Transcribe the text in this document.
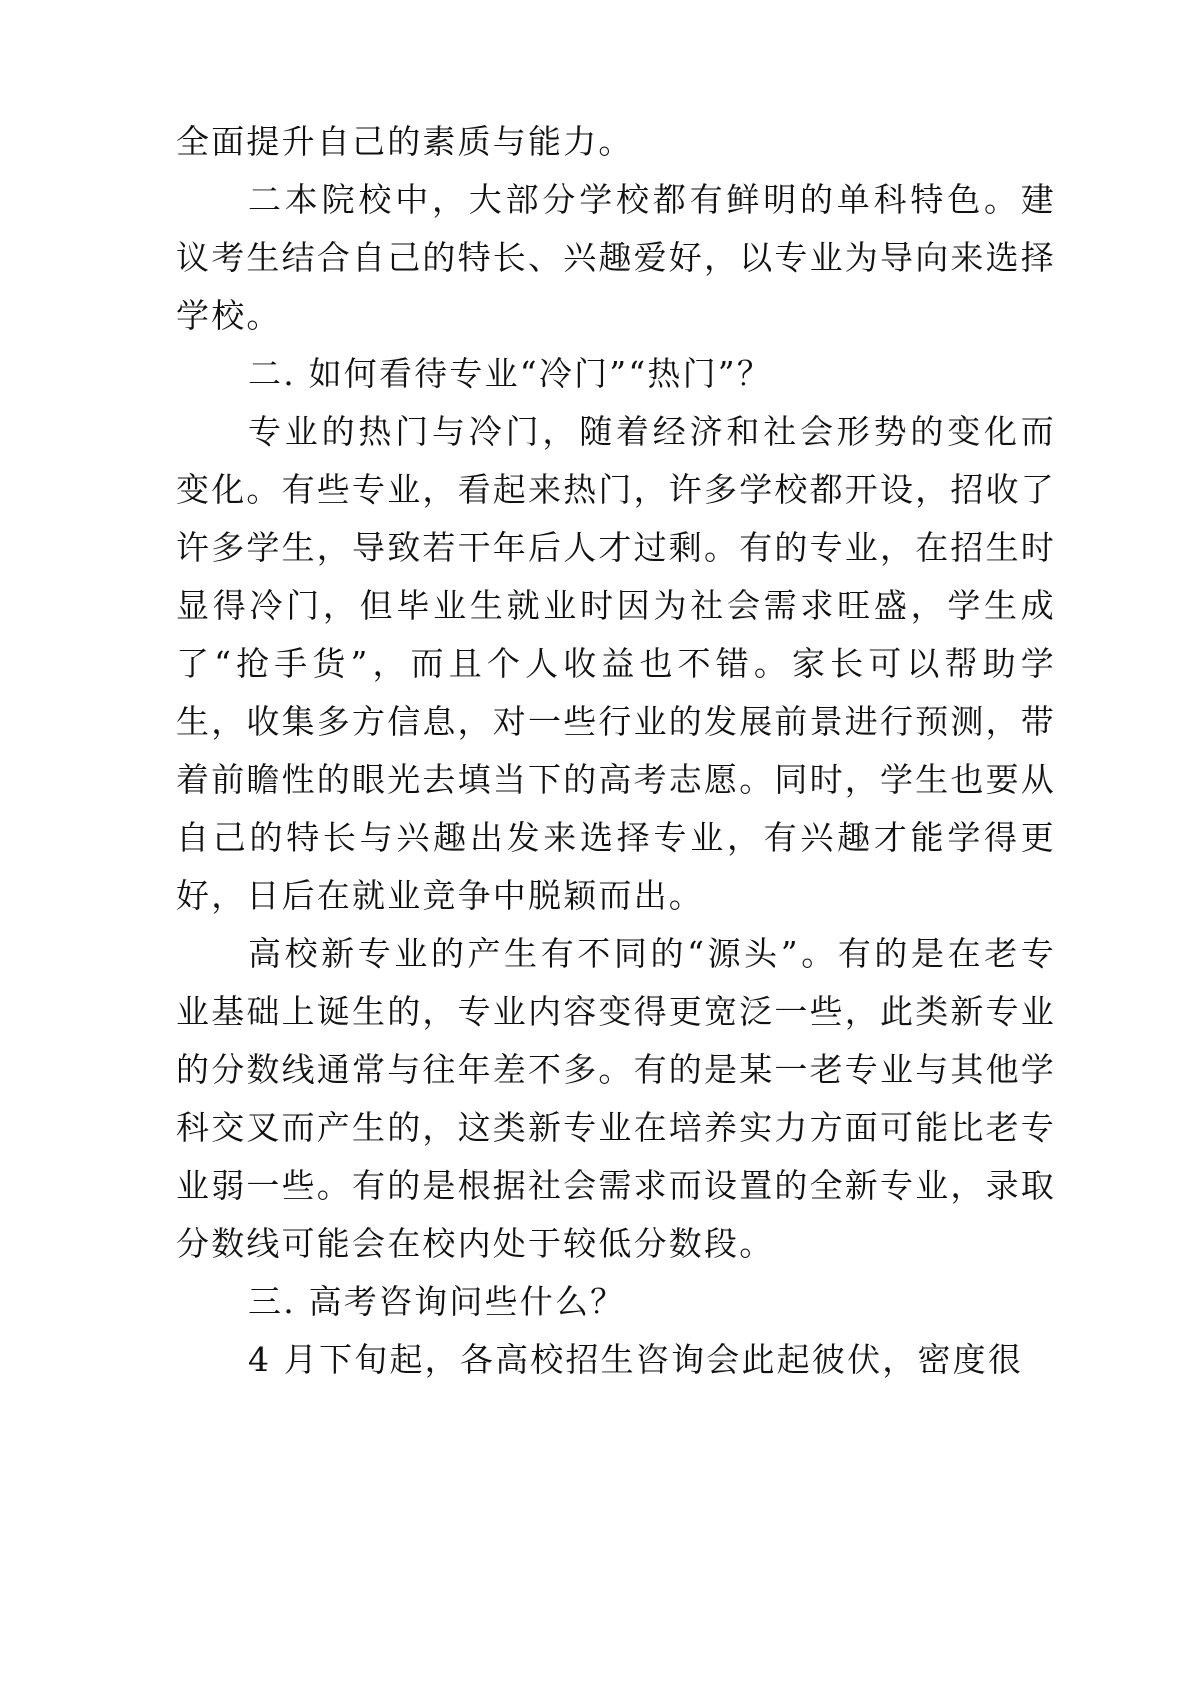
全面提升自己的素质与能力。

二本院校中，大部分学校都有鲜明的单科特色。建议考生结合自己的特长、兴趣爱好，以专业为导向来选择学校。

二. 如何看待专业“冷门”“热门”？

专业的热门与冷门，随着经济和社会形势的变化而变化。有些专业，看起来热门，许多学校都开设，招收了许多学生，导致若干年后人才过剩。有的专业，在招生时显得冷门，但毕业生就业时因为社会需求旺盛，学生成了“抢手货”，而且个人收益也不错。家长可以帮助学生，收集多方信息，对一些行业的发展前景进行预测，带着前瞻性的眼光去填当下的高考志愿。同时，学生也要从自己的特长与兴趣出发来选择专业，有兴趣才能学得更好，日后在就业竞争中脱颖而出。

高校新专业的产生有不同的“源头”。有的是在老专业基础上诞生的，专业内容变得更宽泛一些，此类新专业的分数线通常与往年差不多。有的是某一老专业与其他学科交叉而产生的，这类新专业在培养实力方面可能比老专业弱一些。有的是根据社会需求而设置的全新专业，录取分数线可能会在校内处于较低分数段。

三. 高考咨询问些什么？

4 月下旬起，各高校招生咨询会此起彼伏，密度很
